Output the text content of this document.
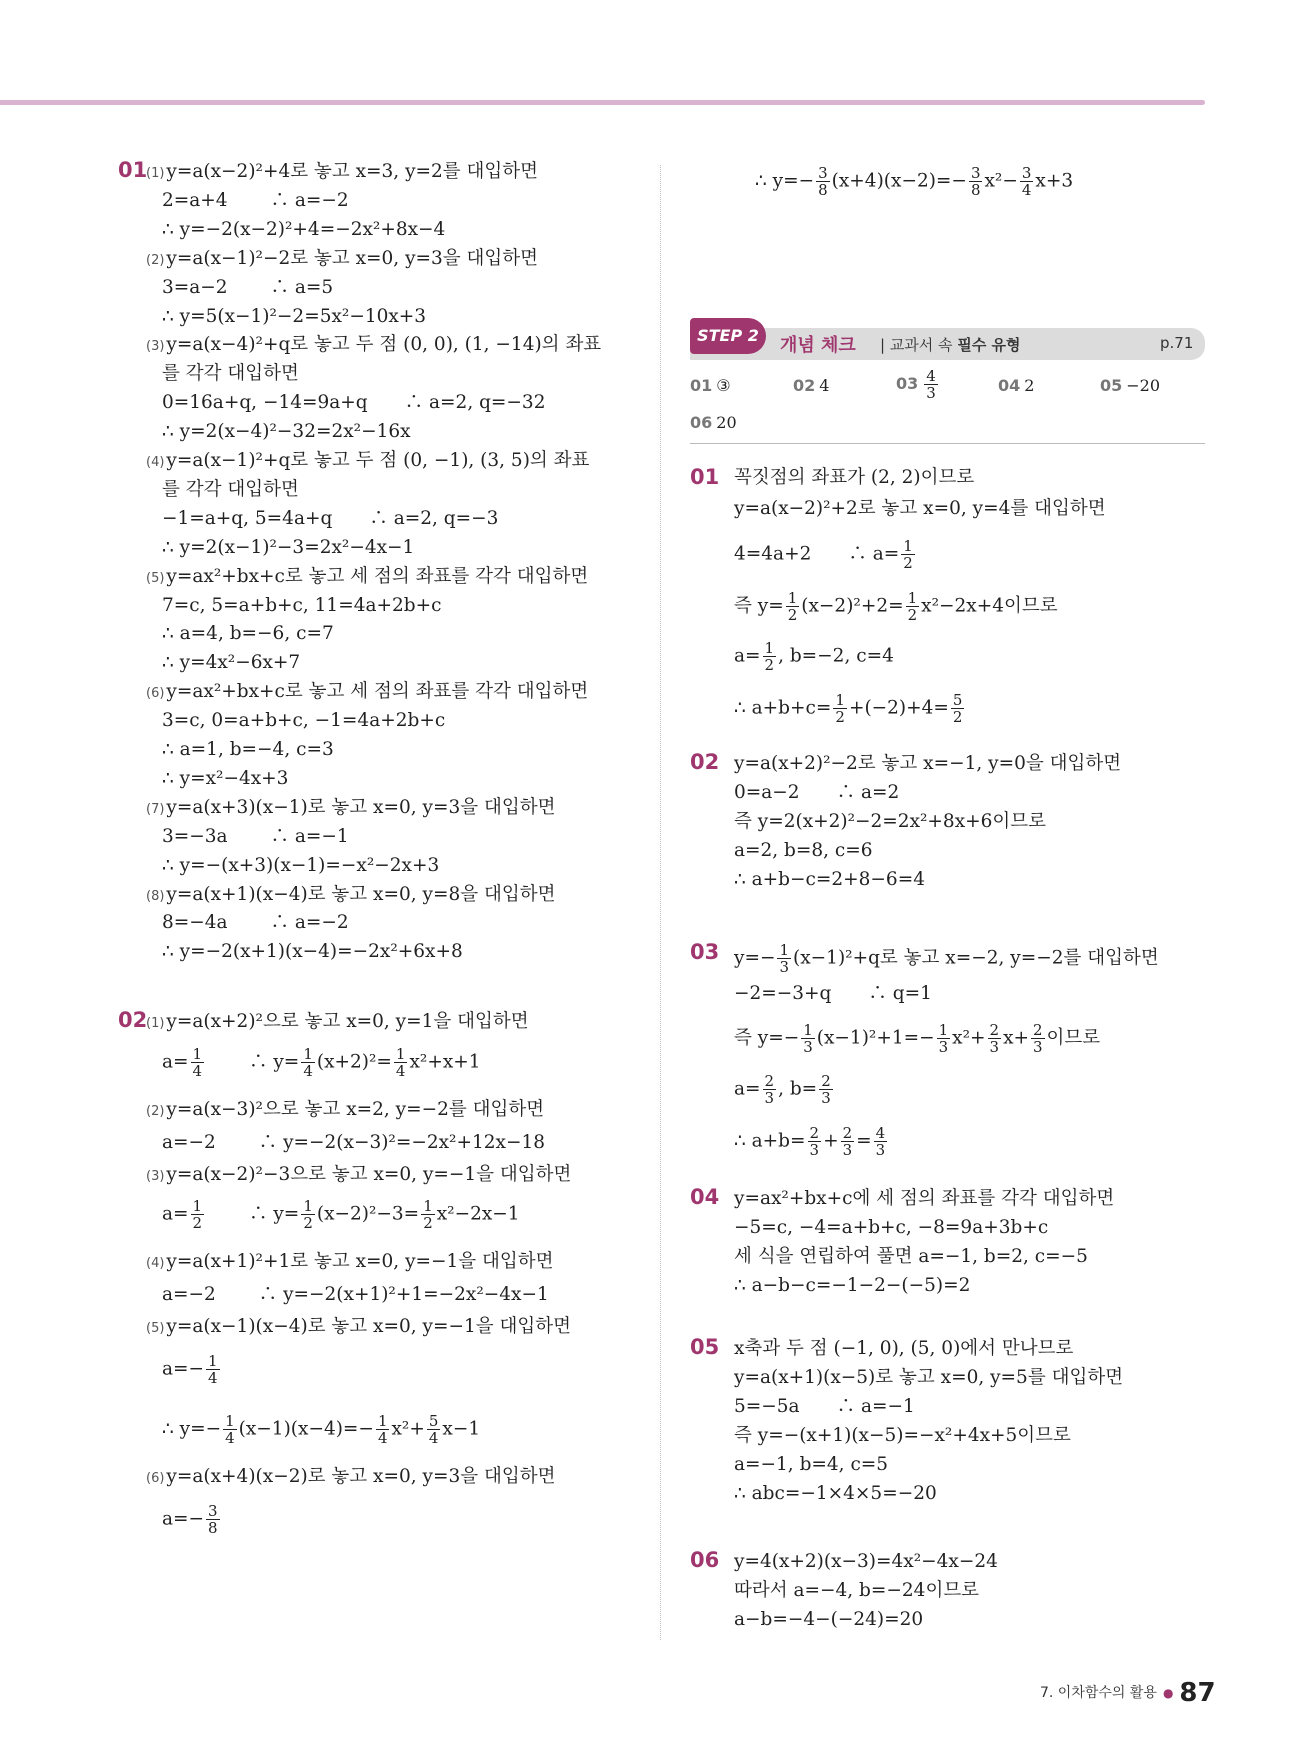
01
(1) y=a(x−2)²+4로 놓고 x=3, y=2를 대입하면
2=a+4　　 ∴ a=−2
∴ y=−2(x−2)²+4=−2x²+8x−4
(2) y=a(x−1)²−2로 놓고 x=0, y=3을 대입하면
3=a−2　　 ∴ a=5
∴ y=5(x−1)²−2=5x²−10x+3
(3) y=a(x−4)²+q로 놓고 두 점 (0, 0), (1, −14)의 좌표
를 각각 대입하면
0=16a+q, −14=9a+q　　∴ a=2, q=−32
∴ y=2(x−4)²−32=2x²−16x
(4) y=a(x−1)²+q로 놓고 두 점 (0, −1), (3, 5)의 좌표
를 각각 대입하면
−1=a+q, 5=4a+q　　∴ a=2, q=−3
∴ y=2(x−1)²−3=2x²−4x−1
(5) y=ax²+bx+c로 놓고 세 점의 좌표를 각각 대입하면
7=c, 5=a+b+c, 11=4a+2b+c
∴ a=4, b=−6, c=7
∴ y=4x²−6x+7
(6) y=ax²+bx+c로 놓고 세 점의 좌표를 각각 대입하면
3=c, 0=a+b+c, −1=4a+2b+c
∴ a=1, b=−4, c=3
∴ y=x²−4x+3
(7) y=a(x+3)(x−1)로 놓고 x=0, y=3을 대입하면
3=−3a　　 ∴ a=−1
∴ y=−(x+3)(x−1)=−x²−2x+3
(8) y=a(x+1)(x−4)로 놓고 x=0, y=8을 대입하면
8=−4a　　 ∴ a=−2
∴ y=−2(x+1)(x−4)=−2x²+6x+8
02
(1) y=a(x+2)²으로 놓고 x=0, y=1을 대입하면
$a= \frac{1}{4}$
　　 ∴ $y= \frac{1}{4} (x+2)^2= \frac{1}{4} x^2+x+1$
(2) y=a(x−3)²으로 놓고 x=2, y=−2를 대입하면
a=−2　　 ∴ y=−2(x−3)²=−2x²+12x−18
(3) y=a(x−2)²−3으로 놓고 x=0, y=−1을 대입하면
$a= \frac{1}{2}$
　　 ∴ $y= \frac{1}{2} (x-2)^2-3= \frac{1}{2} x^2-2x-1$
(4) y=a(x+1)²+1로 놓고 x=0, y=−1을 대입하면
a=−2　　 ∴ y=−2(x+1)²+1=−2x²−4x−1
(5) y=a(x−1)(x−4)로 놓고 x=0, y=−1을 대입하면
$a=- \frac{1}{4}$
∴ $y=- \frac{1}{4} (x-1)(x-4)=- \frac{1}{4} x^2+ \frac{5}{4} x-1$
(6) y=a(x+4)(x−2)로 놓고 x=0, y=3을 대입하면
$a=- \frac{3}{8}$
∴ $y=- \frac{3}{8} (x+4)(x-2)=- \frac{3}{8} x^2- \frac{3}{4} x+3$
STEP 2	개념 체크 | 교과서 속 필수 유형	p.71
01 ③	02 4	$03 \frac{4}{3}$	04 2	05 −20
06 20
01 꼭짓점의 좌표가 (2, 2)이므로
y=a(x−2)²+2로 놓고 x=0, y=4를 대입하면
4=4a+2　　∴ $a= \frac{1}{2}$
즉 $y= \frac{1}{2} (x-2)^2+2= \frac{1}{2} x^2-2x+4$이므로
$a= \frac{1}{2}$ , b=−2, c=4
∴ $a+b+c= \frac{1}{2} +(-2)+4= \frac{5}{2}$
02 y=a(x+2)²−2로 놓고 x=−1, y=0을 대입하면
0=a−2　　∴ a=2
즉 y=2(x+2)²−2=2x²+8x+6이므로
a=2, b=8, c=6
∴ a+b−c=2+8−6=4
03 $y=- \frac{1}{3} (x-1)^2+q$로 놓고 x=−2, y=−2를 대입하면
−2=−3+q　　∴ q=1
즉 $y=- \frac{1}{3} (x-1)^2+1=- \frac{1}{3} x^2+ \frac{2}{3} x+ \frac{2}{3}$ 이므로
$a= \frac{2}{3}$ , $b= \frac{2}{3}$
∴ $a+b= \frac{2}{3} + \frac{2}{3} = \frac{4}{3}$
04 y=ax²+bx+c에 세 점의 좌표를 각각 대입하면
−5=c, −4=a+b+c, −8=9a+3b+c
세 식을 연립하여 풀면 a=−1, b=2, c=−5
∴ a−b−c=−1−2−(−5)=2
05 x축과 두 점 (−1, 0), (5, 0)에서 만나므로
y=a(x+1)(x−5)로 놓고 x=0, y=5를 대입하면
5=−5a　　∴ a=−1
즉 y=−(x+1)(x−5)=−x²+4x+5이므로
a=−1, b=4, c=5
∴ abc=−1×4×5=−20
06 y=4(x+2)(x−3)=4x²−4x−24
따라서 a=−4, b=−24이므로
a−b=−4−(−24)=20
7. 이차함수의 활용 ● 87
